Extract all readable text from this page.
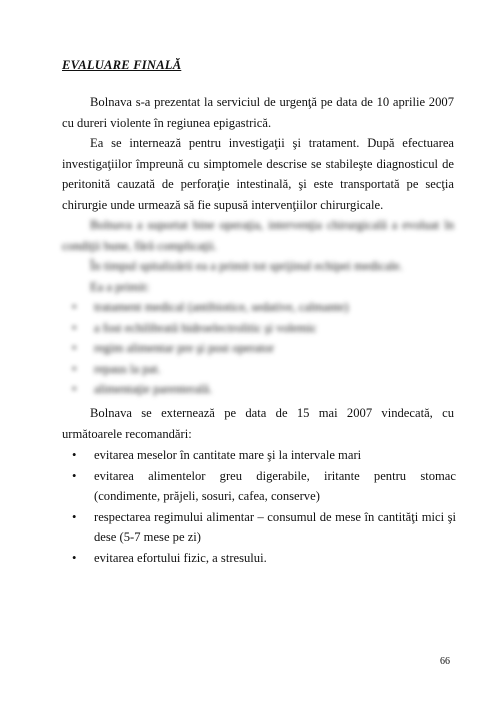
EVALUARE FINALĂ
Bolnava s-a prezentat la serviciul de urgenţă pe data de 10 aprilie 2007 cu dureri violente în regiunea epigastrică.
Ea se internează pentru investigaţii şi tratament. După efectuarea investigaţiilor împreună cu simptomele descrise se stabileşte diagnosticul de peritonită cauzată de perforaţie intestinală, şi este transportată pe secţia chirurgie unde urmează să fie supusă intervenţiilor chirurgicale.
Bolnava a suportat bine operaţia, intervenţia chirurgicală a evoluat în condiţii bune, fără complicaţii.
În timpul spitalizării ea a primit tot sprijinul echipei medicale.
Ea a primit:
•	tratament medical (antibiotice, sedative, calmante)
•	a fost echilibrată hidroelectrolitic şi volemic
•	regim alimentar pre şi post operator
•	repaus la pat.
•	alimentaţie parenterală.
Bolnava se externează pe data de 15 mai 2007 vindecată, cu următoarele recomandări:
•	evitarea meselor în cantitate mare şi la intervale mari
•	evitarea alimentelor greu digerabile, iritante pentru stomac (condimente, prăjeli, sosuri, cafea, conserve)
•	respectarea regimului alimentar – consumul de mese în cantităţi mici şi dese (5-7 mese pe zi)
•	evitarea efortului fizic, a stresului.
66
